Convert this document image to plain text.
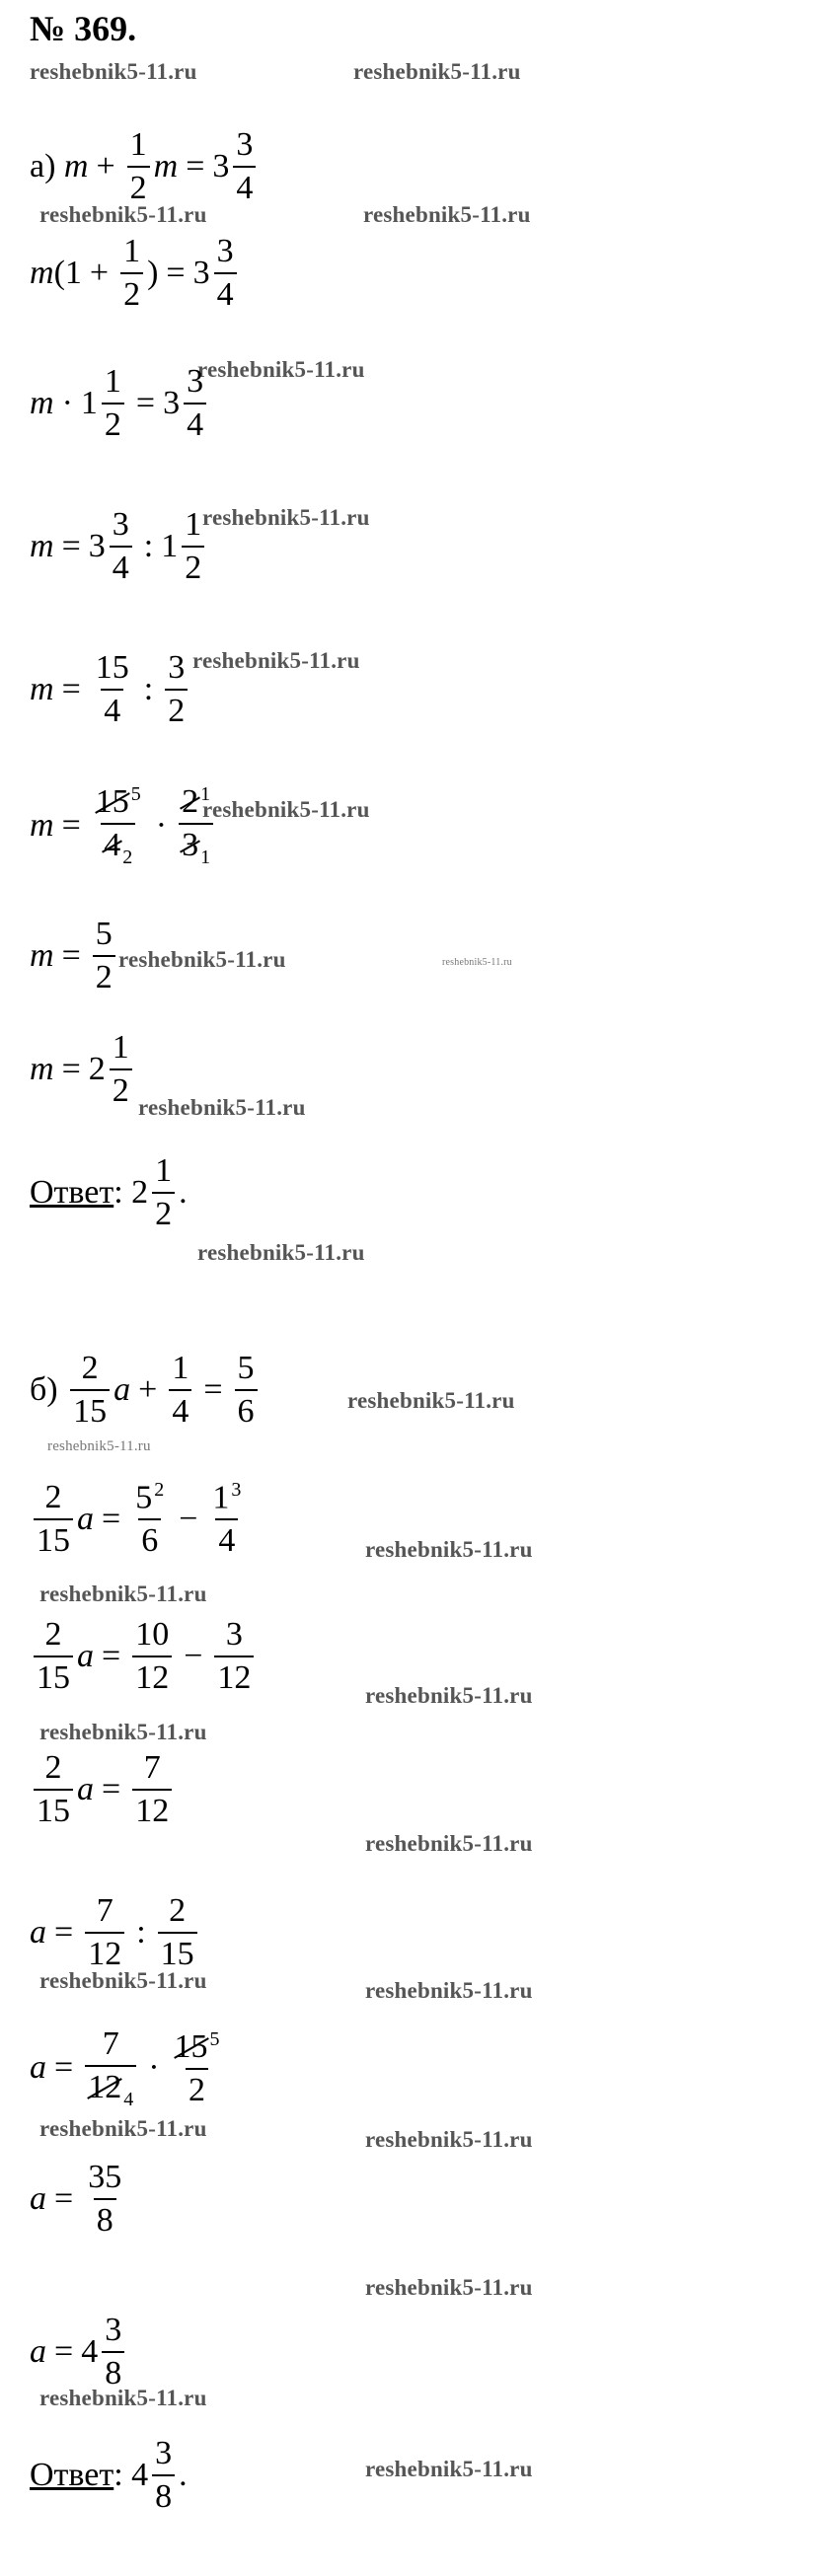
№ 369.
reshebnik5-11.ru	reshebnik5-11.ru
reshebnik5-11.ru	reshebnik5-11.ru
reshebnik5-11.ru
reshebnik5-11.ru
reshebnik5-11.ru
reshebnik5-11.ru
reshebnik5-11.ru	reshebnik5-11.ru
reshebnik5-11.ru
reshebnik5-11.ru
reshebnik5-11.ru
reshebnik5-11.ru
reshebnik5-11.ru
reshebnik5-11.ru
reshebnik5-11.ru
reshebnik5-11.ru
reshebnik5-11.ru
reshebnik5-11.ru	reshebnik5-11.ru
reshebnik5-11.ru	reshebnik5-11.ru
reshebnik5-11.ru
reshebnik5-11.ru
reshebnik5-11.ru
а)
$m + \frac{1}{2}$ $m = 3 \frac{3}{4}$
m ($1 + \frac{1}{2}$ ) = $3 \frac{3}{4}$
$m \cdot 1 \frac{1}{2} = 3 \frac{3}{4}$
$m = 3 \frac{3}{4}$ : $1 \frac{1}{2}$
$m = \frac{15}{4}$ : $\frac{3}{2}$
$m = \frac{15 ^5}{4 _2} \cdot \frac{2 ^1}{3 _1}$
$m = \frac{5}{2}$
$m = 2 \frac{1}{2}$
Ответ : $2 \frac{1}{2}$ .
б)
$\frac{2}{15}$ $a + \frac{1}{4} = \frac{5}{6}$
$\frac{2}{15}$ $a = \frac{5 ^2}{6} - \frac{1 ^3}{4}$
$\frac{2}{15}$ $a = \frac{10}{12} - \frac{3}{12}$
$\frac{2}{15}$ $a = \frac{7}{12}$
$a = \frac{7}{12}$ : $\frac{2}{15}$
$a = \frac{7}{12 _4} \cdot \frac{15 ^5}{2}$
$a = \frac{35}{8}$
$a = 4 \frac{3}{8}$
Ответ : $4 \frac{3}{8}$ .
